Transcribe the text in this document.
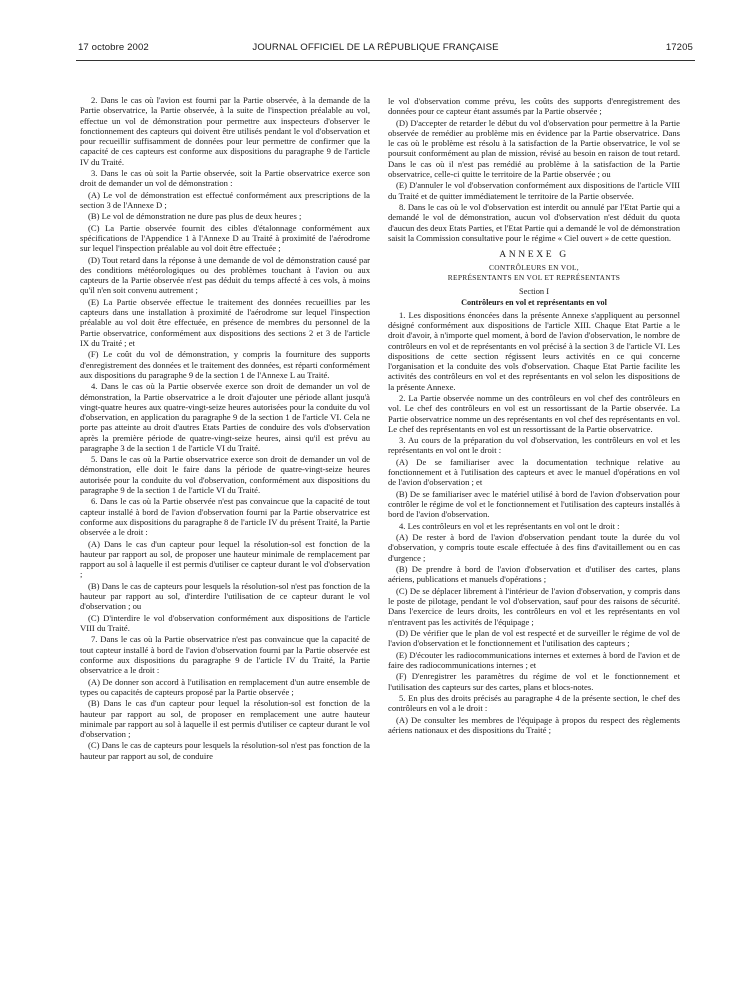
17 octobre 2002	JOURNAL OFFICIEL DE LA RÉPUBLIQUE FRANÇAISE	17205

2. Dans le cas où l'avion est fourni par la Partie observée, à la demande de la Partie observatrice, la Partie observée, à la suite de l'inspection préalable au vol, effectue un vol de démonstration pour permettre aux inspecteurs d'observer le fonctionnement des capteurs qui doivent être utilisés pendant le vol d'observation et pour recueillir suffisamment de données pour leur permettre de confirmer que la capacité de ces capteurs est conforme aux dispositions du paragraphe 9 de l'article IV du Traité.

3. Dans le cas où soit la Partie observée, soit la Partie observatrice exerce son droit de demander un vol de démonstration :

(A) Le vol de démonstration est effectué conformément aux prescriptions de la section 3 de l'Annexe D ;

(B) Le vol de démonstration ne dure pas plus de deux heures ;

(C) La Partie observée fournit des cibles d'étalonnage conformément aux spécifications de l'Appendice 1 à l'Annexe D au Traité à proximité de l'aérodrome sur lequel l'inspection préalable au vol doit être effectuée ;

(D) Tout retard dans la réponse à une demande de vol de démonstration causé par des conditions météorologiques ou des problèmes touchant à l'avion ou aux capteurs de la Partie observée n'est pas déduit du temps affecté à ces vols, à moins qu'il n'en soit convenu autrement ;

(E) La Partie observée effectue le traitement des données recueillies par les capteurs dans une installation à proximité de l'aérodrome sur lequel l'inspection préalable au vol doit être effectuée, en présence de membres du personnel de la Partie observatrice, conformément aux dispositions des sections 2 et 3 de l'article IX du Traité ; et

(F) Le coût du vol de démonstration, y compris la fourniture des supports d'enregistrement des données et le traitement des données, est réparti conformément aux dispositions du paragraphe 9 de la section 1 de l'Annexe L au Traité.

4. Dans le cas où la Partie observée exerce son droit de demander un vol de démonstration, la Partie observatrice a le droit d'ajouter une période allant jusqu'à vingt-quatre heures aux quatre-vingt-seize heures autorisées pour la conduite du vol d'observation, en application du paragraphe 9 de la section 1 de l'article VI. Cela ne porte pas atteinte au droit d'autres Etats Parties de conduire des vols d'observation après la première période de quatre-vingt-seize heures, ainsi qu'il est prévu au paragraphe 3 de la section 1 de l'article VI du Traité.

5. Dans le cas où la Partie observatrice exerce son droit de demander un vol de démonstration, elle doit le faire dans la période de quatre-vingt-seize heures autorisée pour la conduite du vol d'observation, conformément aux dispositions du paragraphe 9 de la section 1 de l'article VI du Traité.

6. Dans le cas où la Partie observée n'est pas convaincue que la capacité de tout capteur installé à bord de l'avion d'observation fourni par la Partie observatrice est conforme aux dispositions du paragraphe 8 de l'article IV du présent Traité, la Partie observée a le droit :

(A) Dans le cas d'un capteur pour lequel la résolution-sol est fonction de la hauteur par rapport au sol, de proposer une hauteur minimale de remplacement par rapport au sol à laquelle il est permis d'utiliser ce capteur durant le vol d'observation ;

(B) Dans le cas de capteurs pour lesquels la résolution-sol n'est pas fonction de la hauteur par rapport au sol, d'interdire l'utilisation de ce capteur durant le vol d'observation ; ou

(C) D'interdire le vol d'observation conformément aux dispositions de l'article VIII du Traité.

7. Dans le cas où la Partie observatrice n'est pas convaincue que la capacité de tout capteur installé à bord de l'avion d'observation fourni par la Partie observée est conforme aux dispositions du paragraphe 9 de l'article IV du Traité, la Partie observatrice a le droit :

(A) De donner son accord à l'utilisation en remplacement d'un autre ensemble de types ou capacités de capteurs proposé par la Partie observée ;

(B) Dans le cas d'un capteur pour lequel la résolution-sol est fonction de la hauteur par rapport au sol, de proposer en remplacement une autre hauteur minimale par rapport au sol à laquelle il est permis d'utiliser ce capteur durant le vol d'observation ;

(C) Dans le cas de capteurs pour lesquels la résolution-sol n'est pas fonction de la hauteur par rapport au sol, de conduire

le vol d'observation comme prévu, les coûts des supports d'enregistrement des données pour ce capteur étant assumés par la Partie observée ;

(D) D'accepter de retarder le début du vol d'observation pour permettre à la Partie observée de remédier au problème mis en évidence par la Partie observatrice. Dans le cas où le problème est résolu à la satisfaction de la Partie observatrice, le vol se poursuit conformément au plan de mission, révisé au besoin en raison de tout retard. Dans le cas où il n'est pas remédié au problème à la satisfaction de la Partie observatrice, celle-ci quitte le territoire de la Partie observée ; ou

(E) D'annuler le vol d'observation conformément aux dispositions de l'article VIII du Traité et de quitter immédiatement le territoire de la Partie observée.

8. Dans le cas où le vol d'observation est interdit ou annulé par l'Etat Partie qui a demandé le vol de démonstration, aucun vol d'observation n'est déduit du quota d'aucun des deux Etats Parties, et l'Etat Partie qui a demandé le vol de démonstration saisit la Commission consultative pour le régime « Ciel ouvert » de cette question.

ANNEXE G
CONTRÔLEURS EN VOL,
REPRÉSENTANTS EN VOL ET REPRÉSENTANTS
Section I
Contrôleurs en vol et représentants en vol

1. Les dispositions énoncées dans la présente Annexe s'appliquent au personnel désigné conformément aux dispositions de l'article XIII. Chaque Etat Partie a le droit d'avoir, à n'importe quel moment, à bord de l'avion d'observation, le nombre de contrôleurs en vol et de représentants en vol précisé à la section 3 de l'article VI. Les dispositions de cette section régissent leurs activités en ce qui concerne l'organisation et la conduite des vols d'observation. Chaque Etat Partie facilite les activités des contrôleurs en vol et des représentants en vol selon les dispositions de la présente Annexe.

2. La Partie observée nomme un des contrôleurs en vol chef des contrôleurs en vol. Le chef des contrôleurs en vol est un ressortissant de la Partie observée. La Partie observatrice nomme un des représentants en vol chef des représentants en vol. Le chef des représentants en vol est un ressortissant de la Partie observatrice.

3. Au cours de la préparation du vol d'observation, les contrôleurs en vol et les représentants en vol ont le droit :

(A) De se familiariser avec la documentation technique relative au fonctionnement et à l'utilisation des capteurs et avec le manuel d'opérations en vol de l'avion d'observation ; et

(B) De se familiariser avec le matériel utilisé à bord de l'avion d'observation pour contrôler le régime de vol et le fonctionnement et l'utilisation des capteurs installés à bord de l'avion d'observation.

4. Les contrôleurs en vol et les représentants en vol ont le droit :

(A) De rester à bord de l'avion d'observation pendant toute la durée du vol d'observation, y compris toute escale effectuée à des fins d'avitaillement ou en cas d'urgence ;

(B) De prendre à bord de l'avion d'observation et d'utiliser des cartes, plans aériens, publications et manuels d'opérations ;

(C) De se déplacer librement à l'intérieur de l'avion d'observation, y compris dans le poste de pilotage, pendant le vol d'observation, sauf pour des raisons de sécurité. Dans l'exercice de leurs droits, les contrôleurs en vol et les représentants en vol n'entravent pas les activités de l'équipage ;

(D) De vérifier que le plan de vol est respecté et de surveiller le régime de vol de l'avion d'observation et le fonctionnement et l'utilisation des capteurs ;

(E) D'écouter les radiocommunications internes et externes à bord de l'avion et de faire des radiocommunications internes ; et

(F) D'enregistrer les paramètres du régime de vol et le fonctionnement et l'utilisation des capteurs sur des cartes, plans et blocs-notes.

5. En plus des droits précisés au paragraphe 4 de la présente section, le chef des contrôleurs en vol a le droit :

(A) De consulter les membres de l'équipage à propos du respect des règlements aériens nationaux et des dispositions du Traité ;
